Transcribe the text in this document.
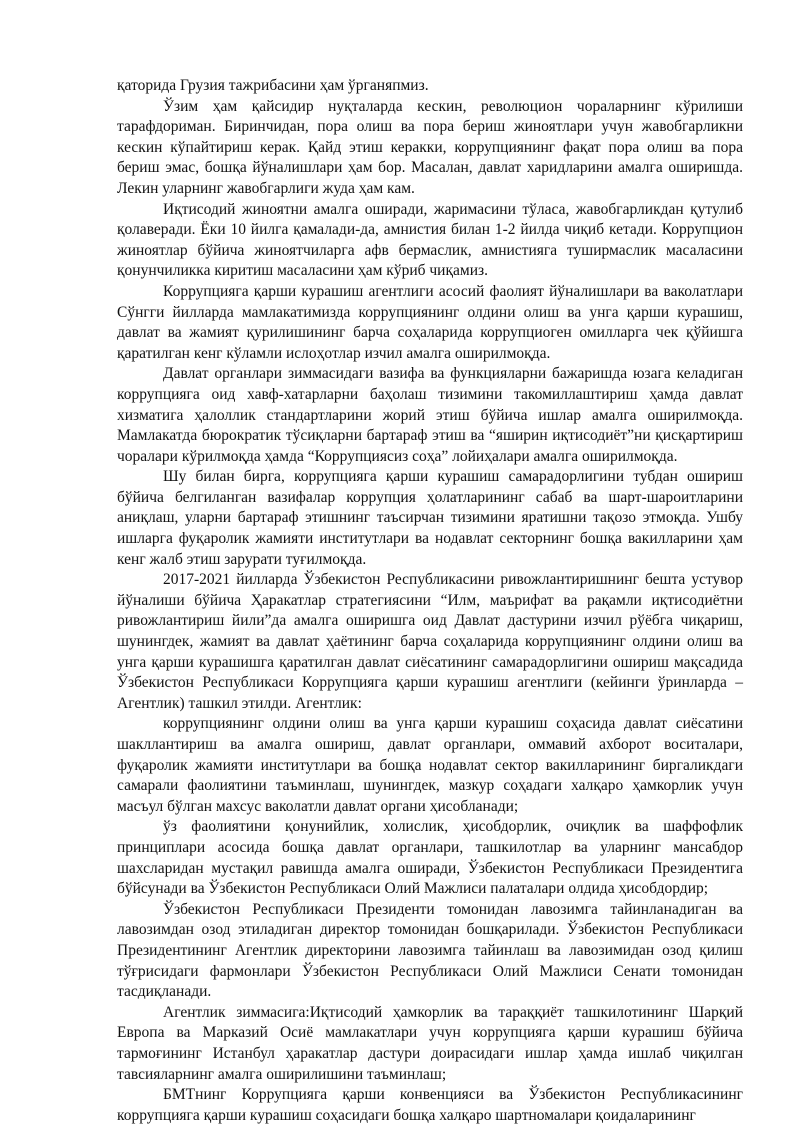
қаторида Грузия тажрибасини ҳам ўрганяпмиз.

Ўзим ҳам қайсидир нуқталарда кескин, революцион чораларнинг кўрилиши тарафдориман. Биринчидан, пора олиш ва пора бериш жиноятлари учун жавобгарликни кескин кўпайтириш керак. Қайд этиш керакки, коррупциянинг фақат пора олиш ва пора бериш эмас, бошқа йўналишлари ҳам бор. Масалан, давлат харидларини амалга оширишда. Лекин уларнинг жавобгарлиги жуда ҳам кам.

Иқтисодий жиноятни амалга оширади, жаримасини тўласа, жавобгарликдан қутулиб қолаверади. Ёки 10 йилга қамалади-да, амнистия билан 1-2 йилда чиқиб кетади. Коррупцион жиноятлар бўйича жиноятчиларга афв бермаслик, амнистияга туширмаслик масаласини қонунчиликка киритиш масаласини ҳам кўриб чиқамиз.

Коррупцияга қарши курашиш агентлиги асосий фаолият йўналишлари ва ваколатлари Сўнгги йилларда мамлакатимизда коррупциянинг олдини олиш ва унга қарши курашиш, давлат ва жамият қурилишининг барча соҳаларида коррупциоген омилларга чек қўйишга қаратилган кенг кўламли ислоҳотлар изчил амалга оширилмоқда.

Давлат органлари зиммасидаги вазифа ва функцияларни бажаришда юзага келадиган коррупцияга оид хавф-хатарларни баҳолаш тизимини такомиллаштириш ҳамда давлат хизматига ҳалоллик стандартларини жорий этиш бўйича ишлар амалга оширилмоқда. Мамлакатда бюрократик тўсиқларни бартараф этиш ва “яширин иқтисодиёт”ни қисқартириш чоралари кўрилмоқда ҳамда “Коррупциясиз соҳа” лойиҳалари амалга оширилмоқда.

Шу билан бирга, коррупцияга қарши курашиш самарадорлигини тубдан ошириш бўйича белгиланган вазифалар коррупция ҳолатларининг сабаб ва шарт-шароитларини аниқлаш, уларни бартараф этишнинг таъсирчан тизимини яратишни тақозо этмоқда. Ушбу ишларга фуқаролик жамияти институтлари ва нодавлат секторнинг бошқа вакилларини ҳам кенг жалб этиш зарурати туғилмоқда.

2017-2021 йилларда Ўзбекистон Республикасини ривожлантиришнинг бешта устувор йўналиши бўйича Ҳаракатлар стратегиясини “Илм, маърифат ва рақамли иқтисодиётни ривожлантириш йили”да амалга оширишга оид Давлат дастурини изчил рўёбга чиқариш, шунингдек, жамият ва давлат ҳаётининг барча соҳаларида коррупциянинг олдини олиш ва унга қарши курашишга қаратилган давлат сиёсатининг самарадорлигини ошириш мақсадида Ўзбекистон Республикаси Коррупцияга қарши курашиш агентлиги (кейинги ўринларда – Агентлик) ташкил этилди. Агентлик:

коррупциянинг олдини олиш ва унга қарши курашиш соҳасида давлат сиёсатини шакллантириш ва амалга ошириш, давлат органлари, оммавий ахборот воситалари, фуқаролик жамияти институтлари ва бошқа нодавлат сектор вакилларининг биргаликдаги самарали фаолиятини таъминлаш, шунингдек, мазкур соҳадаги халқаро ҳамкорлик учун масъул бўлган махсус ваколатли давлат органи ҳисобланади;

ўз фаолиятини қонунийлик, холислик, ҳисобдорлик, очиқлик ва шаффофлик принциплари асосида бошқа давлат органлари, ташкилотлар ва уларнинг мансабдор шахсларидан мустақил равишда амалга оширади, Ўзбекистон Республикаси Президентига бўйсунади ва Ўзбекистон Республикаси Олий Мажлиси палаталари олдида ҳисобдордир;

Ўзбекистон Республикаси Президенти томонидан лавозимга тайинланадиган ва лавозимдан озод этиладиган директор томонидан бошқарилади. Ўзбекистон Республикаси Президентининг Агентлик директорини лавозимга тайинлаш ва лавозимидан озод қилиш тўғрисидаги фармонлари Ўзбекистон Республикаси Олий Мажлиси Сенати томонидан тасдиқланади.

Агентлик зиммасига:Иқтисодий ҳамкорлик ва тараққиёт ташкилотининг Шарқий Европа ва Марказий Осиё мамлакатлари учун коррупцияга қарши курашиш бўйича тармоғининг Истанбул ҳаракатлар дастури доирасидаги ишлар ҳамда ишлаб чиқилган тавсияларнинг амалга оширилишини таъминлаш;

БМТнинг Коррупцияга қарши конвенцияси ва Ўзбекистон Республикасининг коррупцияга қарши курашиш соҳасидаги бошқа халқаро шартномалари қоидаларининг
